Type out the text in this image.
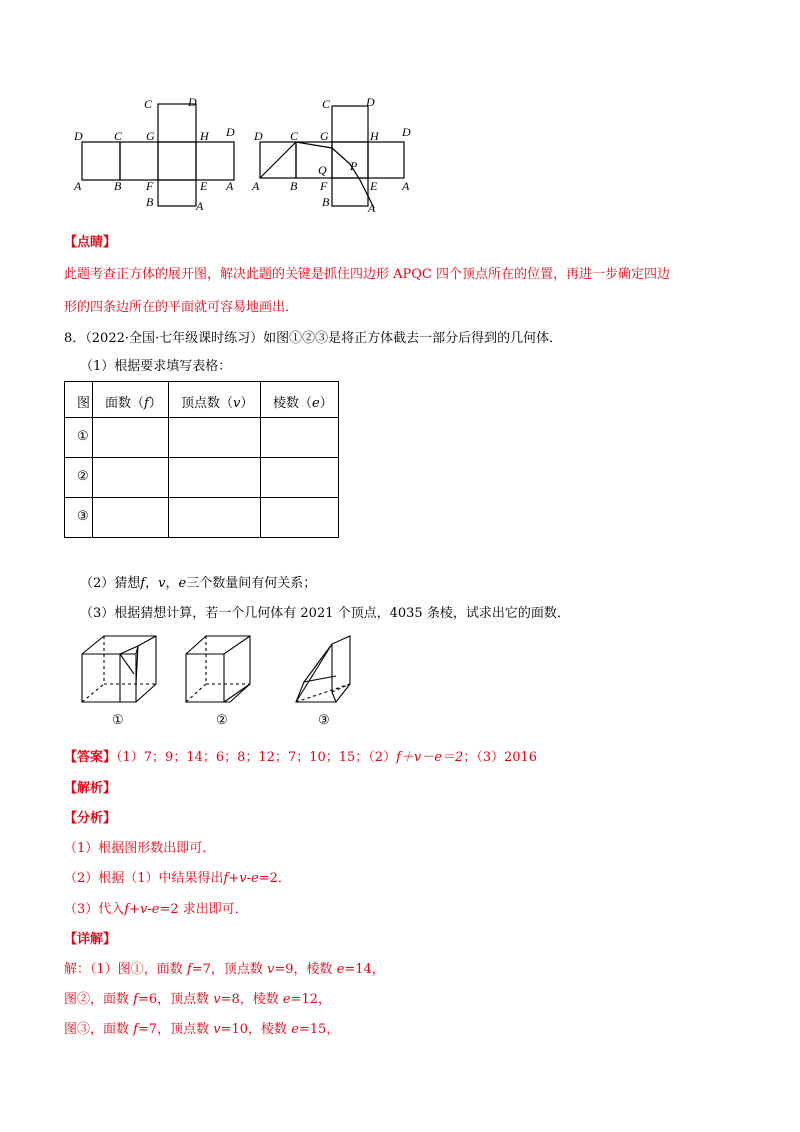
C	D
D	C G	H D
A	B F	E A
B	A
C	D
D C G	H D
Q P
A	B F	E A
B	A
【点睛】
此题考查正方体的展开图，解决此题的关键是抓住四边形 APQC 四个顶点所在的位置，再进一步确定四边
形的四条边所在的平面就可容易地画出．
8．（2022·全国·七年级课时练习）如图①②③是将正方体截去一部分后得到的几何体．
（1）根据要求填写表格：
图	面数（f）	顶点数（v）	棱数（e）
①			
②			
③			
（2）猜想f，v，e三个数量间有何关系；
（3）根据猜想计算，若一个几何体有 2021 个顶点，4035 条棱，试求出它的面数．
①	②	③
【答案】（1）7；9；14；6；8；12；7；10；15；（2）f＋v－e＝2；（3）2016
【解析】
【分析】
（1）根据图形数出即可．
（2）根据（1）中结果得出f+v-e=2．
（3）代入f+v-e=2 求出即可．
【详解】
解：（1）图①，面数 f=7，顶点数 v=9，棱数 e=14，
图②，面数 f=6，顶点数 v=8，棱数 e=12，
图③，面数 f=7，顶点数 v=10，棱数 e=15，
